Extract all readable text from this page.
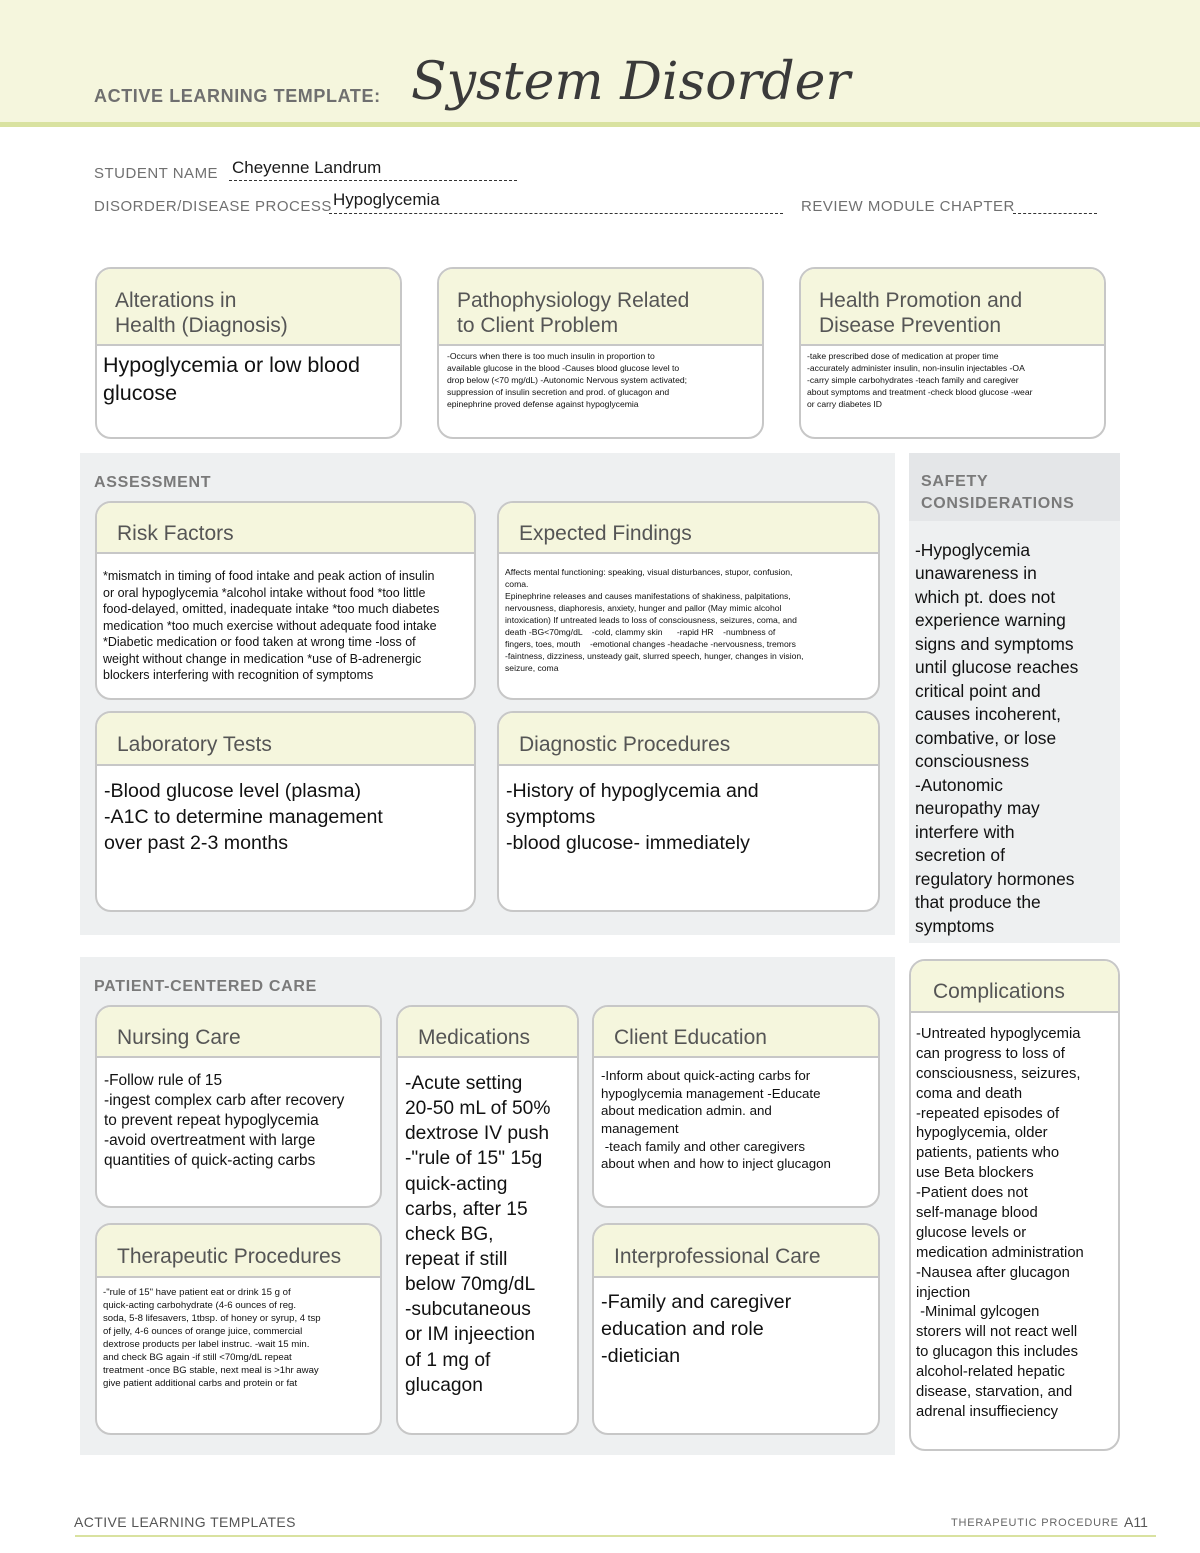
ACTIVE LEARNING TEMPLATE: System Disorder
STUDENT NAME Cheyenne Landrum
DISORDER/DISEASE PROCESS Hypoglycemia	REVIEW MODULE CHAPTER
Alterations in
Health (Diagnosis)
Hypoglycemia or low blood
glucose
Pathophysiology Related
to Client Problem
-Occurs when there is too much insulin in proportion to
available glucose in the blood -Causes blood glucose level to
drop below (<70 mg/dL) -Autonomic Nervous system activated;
suppression of insulin secretion and prod. of glucagon and
epinephrine proved defense against hypoglycemia
Health Promotion and
Disease Prevention
-take prescribed dose of medication at proper time
-accurately administer insulin, non-insulin injectables -OA
-carry simple carbohydrates -teach family and caregiver
about symptoms and treatment -check blood glucose -wear
or carry diabetes ID
ASSESSMENT
Risk Factors
*mismatch in timing of food intake and peak action of insulin
or oral hypoglycemia *alcohol intake without food *too little
food-delayed, omitted, inadequate intake *too much diabetes
medication *too much exercise without adequate food intake
*Diabetic medication or food taken at wrong time -loss of
weight without change in medication *use of B-adrenergic
blockers interfering with recognition of symptoms
Expected Findings
Affects mental functioning: speaking, visual disturbances, stupor, confusion,
coma.
Epinephrine releases and causes manifestations of shakiness, palpitations,
nervousness, diaphoresis, anxiety, hunger and pallor (May mimic alcohol
intoxication) If untreated leads to loss of consciousness, seizures, coma, and
death -BG<70mg/dL    -cold, clammy skin      -rapid HR    -numbness of
fingers, toes, mouth    -emotional changes -headache -nervousness, tremors
-faintness, dizziness, unsteady gait, slurred speech, hunger, changes in vision,
seizure, coma
Laboratory Tests
-Blood glucose level (plasma)
-A1C to determine management
over past 2-3 months
Diagnostic Procedures
-History of hypoglycemia and
symptoms
-blood glucose- immediately
SAFETY
CONSIDERATIONS
-Hypoglycemia
unawareness in
which pt. does not
experience warning
signs and symptoms
until glucose reaches
critical point and
causes incoherent,
combative, or lose
consciousness
-Autonomic
neuropathy may
interfere with
secretion of
regulatory hormones
that produce the
symptoms
PATIENT-CENTERED CARE
Nursing Care
-Follow rule of 15
-ingest complex carb after recovery
to prevent repeat hypoglycemia
-avoid overtreatment with large
quantities of quick-acting carbs
Medications
-Acute setting
20-50 mL of 50%
dextrose IV push
-"rule of 15" 15g
quick-acting
carbs, after 15
check BG,
repeat if still
below 70mg/dL
-subcutaneous
or IM injeection
of 1 mg of
glucagon
Client Education
-Inform about quick-acting carbs for
hypoglycemia management -Educate
about medication admin. and
management
-teach family and other caregivers
about when and how to inject glucagon
Therapeutic Procedures
-"rule of 15" have patient eat or drink 15 g of
quick-acting carbohydrate (4-6 ounces of reg.
soda, 5-8 lifesavers, 1tbsp. of honey or syrup, 4 tsp
of jelly, 4-6 ounces of orange juice, commercial
dextrose products per label instruc. -wait 15 min.
and check BG again -if still <70mg/dL repeat
treatment -once BG stable, next meal is >1hr away
give patient additional carbs and protein or fat
Interprofessional Care
-Family and caregiver
education and role
-dietician
Complications
-Untreated hypoglycemia
can progress to loss of
consciousness, seizures,
coma and death
-repeated episodes of
hypoglycemia, older
patients, patients who
use Beta blockers
-Patient does not
self-manage blood
glucose levels or
medication administration
-Nausea after glucagon
injection
-Minimal gylcogen
storers will not react well
to glucagon this includes
alcohol-related hepatic
disease, starvation, and
adrenal insuffieciency
ACTIVE LEARNING TEMPLATES	THERAPEUTIC PROCEDURE A11
